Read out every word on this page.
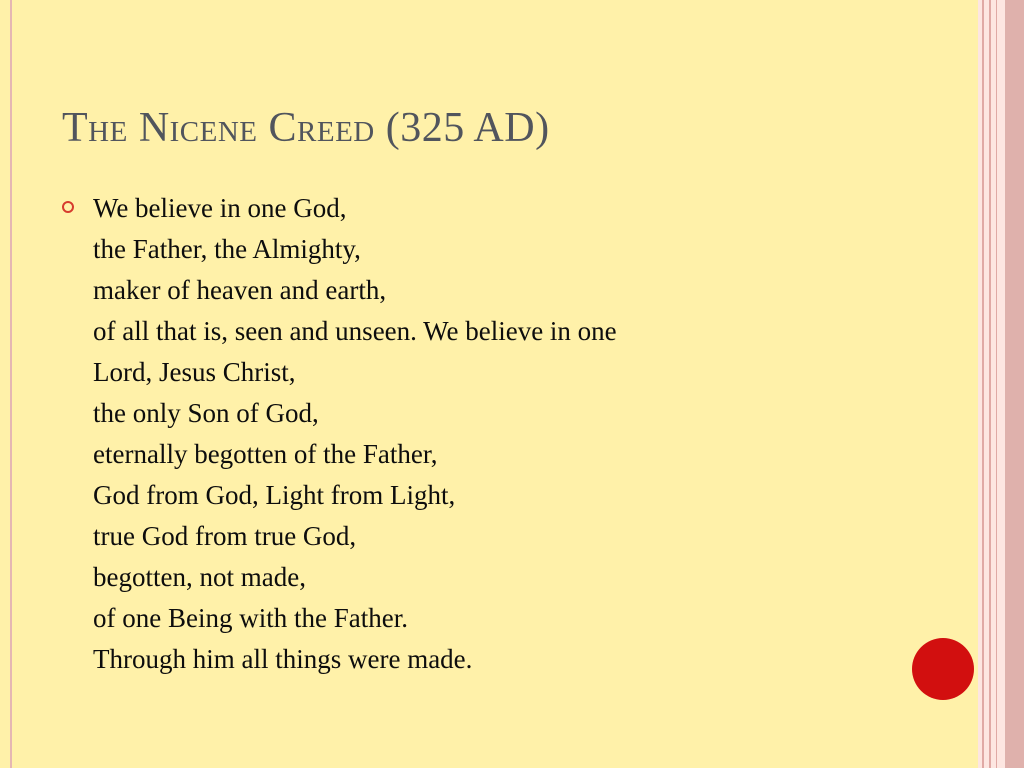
The Nicene Creed (325 AD)
We believe in one God,
the Father, the Almighty,
maker of heaven and earth,
of all that is, seen and unseen. We believe in one
Lord, Jesus Christ,
the only Son of God,
eternally begotten of the Father,
God from God, Light from Light,
true God from true God,
begotten, not made,
of one Being with the Father.
Through him all things were made.
